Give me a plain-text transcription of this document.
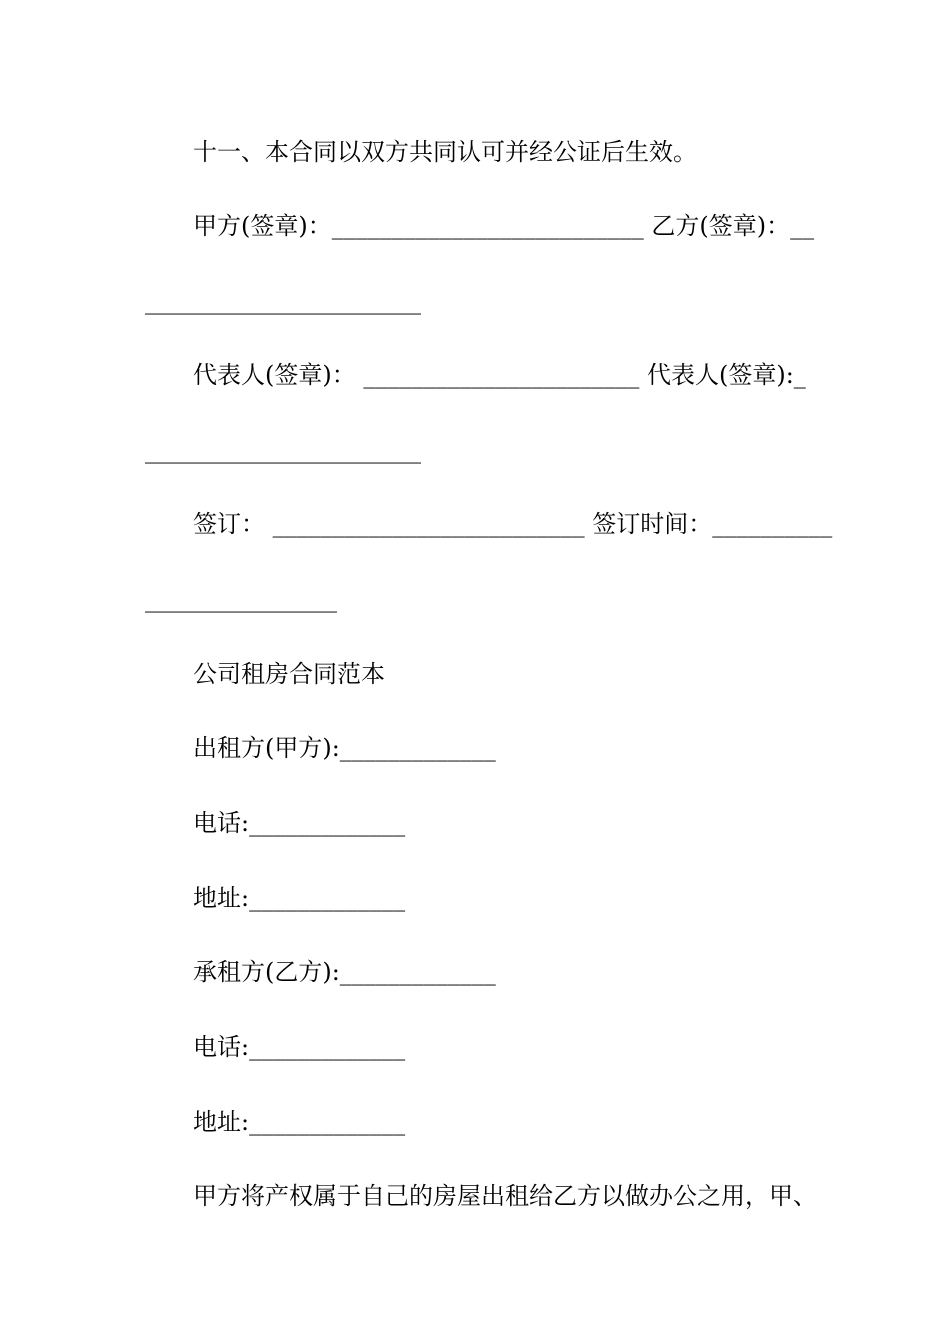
十一、本合同以双方共同认可并经公证后生效。
甲方(签章)：__________________________ 乙方(签章)：__
_______________________
代表人(签章)： _______________________ 代表人(签章):_
_______________________
签订： __________________________ 签订时间：__________
________________
公司租房合同范本
出租方(甲方):_____________
电话:_____________
地址:_____________
承租方(乙方):_____________
电话:_____________
地址:_____________
甲方将产权属于自己的房屋出租给乙方以做办公之用，甲、
